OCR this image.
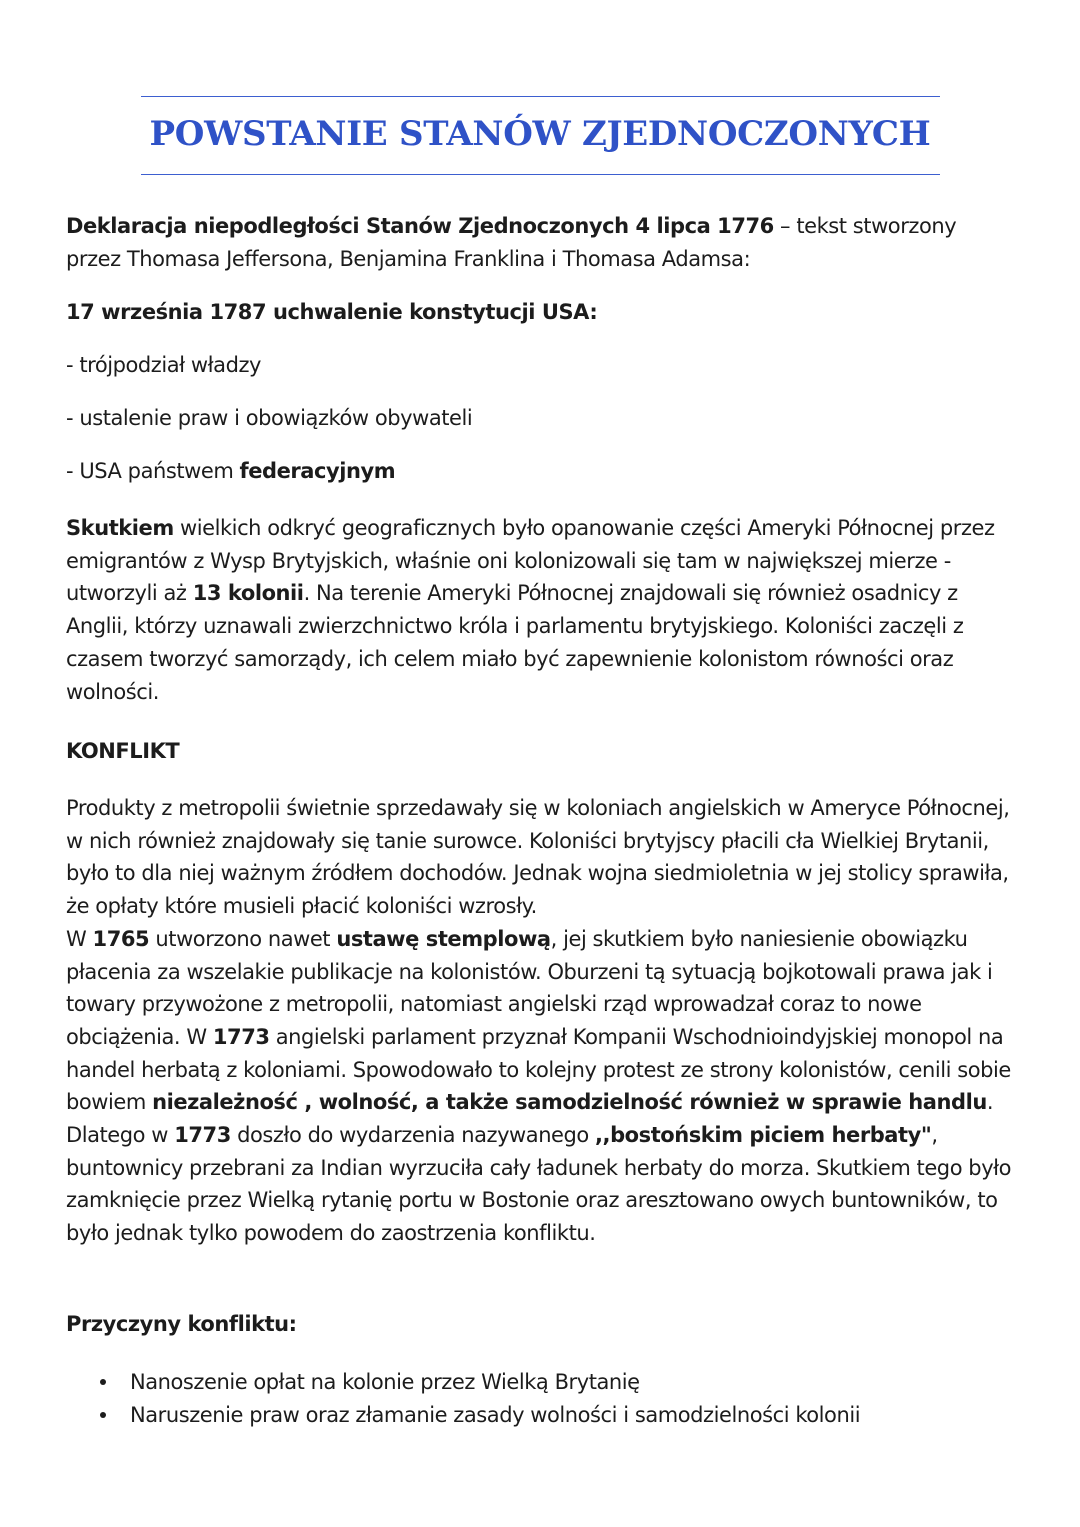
POWSTANIE STANÓW ZJEDNOCZONYCH

Deklaracja niepodległości Stanów Zjednoczonych 4 lipca 1776 – tekst stworzony przez Thomasa Jeffersona, Benjamina Franklina i Thomasa Adamsa:

17 września 1787 uchwalenie konstytucji USA:
- trójpodział władzy
- ustalenie praw i obowiązków obywateli
- USA państwem federacyjnym

Skutkiem wielkich odkryć geograficznych było opanowanie części Ameryki Północnej przez emigrantów z Wysp Brytyjskich, właśnie oni kolonizowali się tam w największej mierze - utworzyli aż 13 kolonii. Na terenie Ameryki Północnej znajdowali się również osadnicy z Anglii, którzy uznawali zwierzchnictwo króla i parlamentu brytyjskiego. Koloniści zaczęli z czasem tworzyć samorządy, ich celem miało być zapewnienie kolonistom równości oraz wolności.

KONFLIKT

Produkty z metropolii świetnie sprzedawały się w koloniach angielskich w Ameryce Północnej, w nich również znajdowały się tanie surowce. Koloniści brytyjscy płacili cła Wielkiej Brytanii, było to dla niej ważnym źródłem dochodów. Jednak wojna siedmioletnia w jej stolicy sprawiła, że opłaty które musieli płacić koloniści wzrosły.

W 1765 utworzono nawet ustawę stemplową, jej skutkiem było naniesienie obowiązku płacenia za wszelakie publikacje na kolonistów. Oburzeni tą sytuacją bojkotowali prawa jak i towary przywożone z metropolii, natomiast angielski rząd wprowadzał coraz to nowe obciążenia. W 1773 angielski parlament przyznał Kompanii Wschodnioindyjskiej monopol na handel herbatą z koloniami. Spowodowało to kolejny protest ze strony kolonistów, cenili sobie bowiem niezależność , wolność, a także samodzielność również w sprawie handlu. Dlatego w 1773 doszło do wydarzenia nazywanego ,,bostońskim piciem herbaty", buntownicy przebrani za Indian wyrzuciła cały ładunek herbaty do morza. Skutkiem tego było zamknięcie przez Wielką rytanię portu w Bostonie oraz aresztowano owych buntowników, to było jednak tylko powodem do zaostrzenia konfliktu.

Przyczyny konfliktu:
Nanoszenie opłat na kolonie przez Wielką Brytanię
Naruszenie praw oraz złamanie zasady wolności i samodzielności kolonii
